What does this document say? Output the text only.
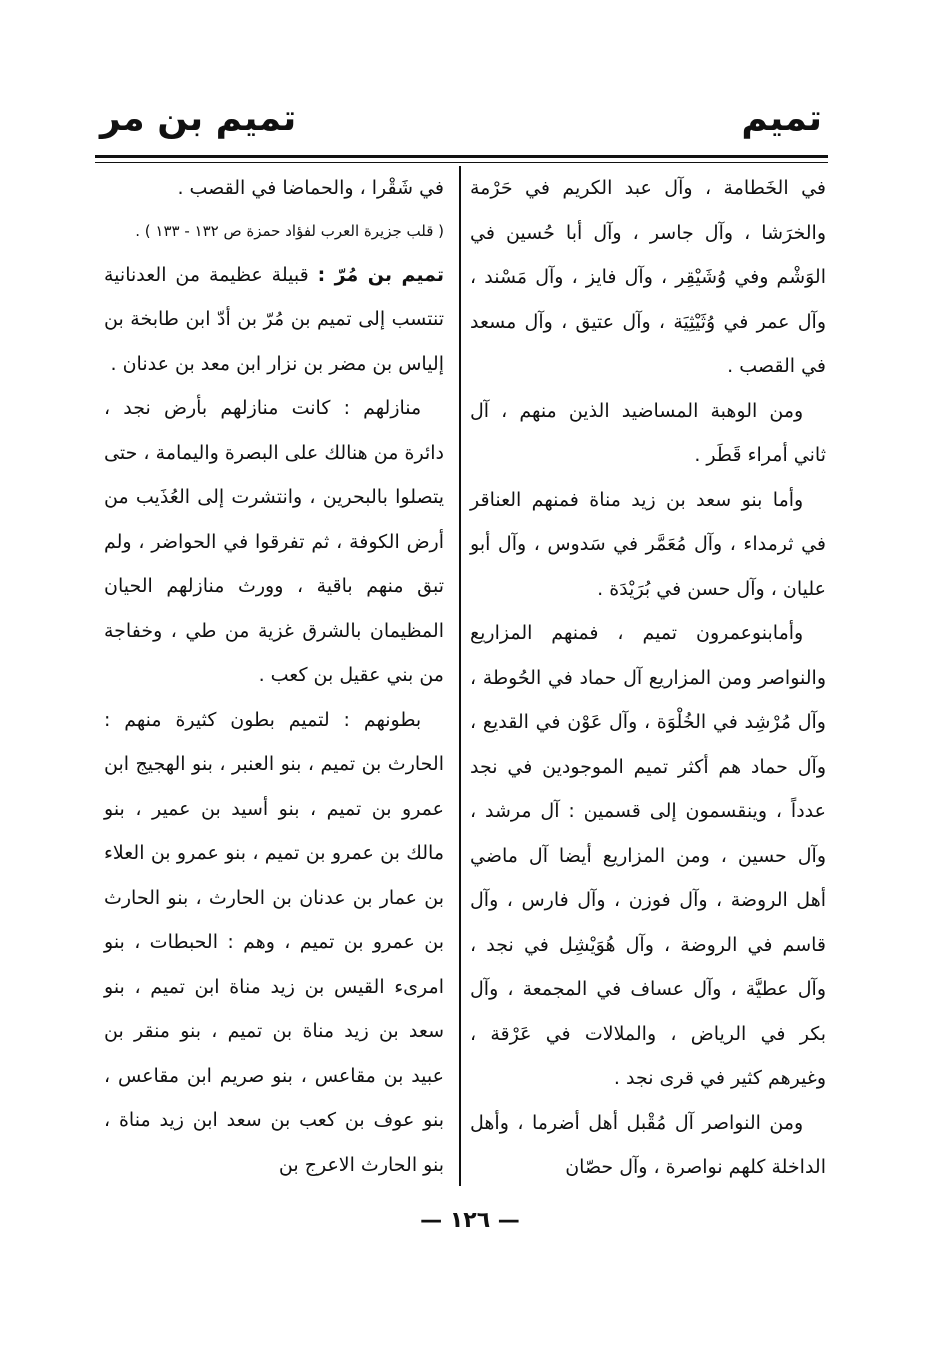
تميم
تميم بن مر

في الخَطامة ، وآل عبد الكريم في حَرْمة والخرَشا ، وآل جاسر ، وآل أبا حُسين في الوَشْم وفي وُشَيْقِر ، وآل فايز ، وآل مَسْند ، وآل عمر في وُثَيْثِيَة ، وآل عتيق ، وآل مسعد في القصب .

ومن الوهبة المساضيد الذين منهم ، آل ثاني أمراء قَطَر .

وأما بنو سعد بن زيد مناة فمنهم العناقر في ثرمداء ، وآل مُعَمَّر في سَدوس ، وآل أبو عليان ، وآل حسن في بُرَيْدَة .

وأمابنوعمرون تميم ، فمنهم المزاريع والنواصر ومن المزاريع آل حماد في الحُوطة ، وآل مُرْشِد في الخُلْوَة ، وآل عَوْن في القديع ، وآل حماد هم أكثر تميم الموجودين في نجد عدداً ، وينقسمون إلى قسمين : آل مرشد ، وآل حسين ، ومن المزاريع أيضا آل ماضي أهل الروضة ، وآل فوزن ، وآل فارس ، وآل قاسم في الروضة ، وآل هُوَيْشِل في نجد ، وآل عطيَّة ، وآل عساف في المجمعة ، وآل بكر في الرياض ، والملالات في عَرْقة ، وغيرهم كثير في قرى نجد .

ومن النواصر آل مُقْبل أهل أضرما ، وأهل الداخلة كلهم نواصرة ، وآل حصّان

في شَقْرا ، والحماضا في القصب .

( قلب جزيرة العرب لفؤاد حمزة ص ١٣٢ - ١٣٣ ) .

تميم بن مُرّ : قبيلة عظيمة من العدنانية تنتسب إلى تميم بن مُرّ بن أدّ ابن طابخة بن إلياس بن مضر بن نزار ابن معد بن عدنان .

منازلهم : كانت منازلهم بأرض نجد ، دائرة من هنالك على البصرة واليمامة ، حتى يتصلوا بالبحرين ، وانتشرت إلى العُذَيب من أرض الكوفة ، ثم تفرقوا في الحواضر ، ولم تبق منهم باقية ، وورث منازلهم الحيان المظيمان بالشرق غزية من طي ، وخفاجة من بني عقيل بن كعب .

بطونهم : لتميم بطون كثيرة منهم : الحارث بن تميم ، بنو العنبر ، بنو الهجيج ابن عمرو بن تميم ، بنو أسيد بن عمير ، بنو مالك بن عمرو بن تميم ، بنو عمرو بن العلاء بن عمار بن عدنان بن الحارث ، بنو الحارث بن عمرو بن تميم ، وهم : الحبطات ، بنو امرىء القيس بن زيد مناة ابن تميم ، بنو سعد بن زيد مناة بن تميم ، بنو منقر بن عبيد بن مقاعس ، بنو صريم ابن مقاعس ، بنو عوف بن كعب بن سعد ابن زيد مناة ، بنو الحارث الاعرج بن

— ١٢٦ —
